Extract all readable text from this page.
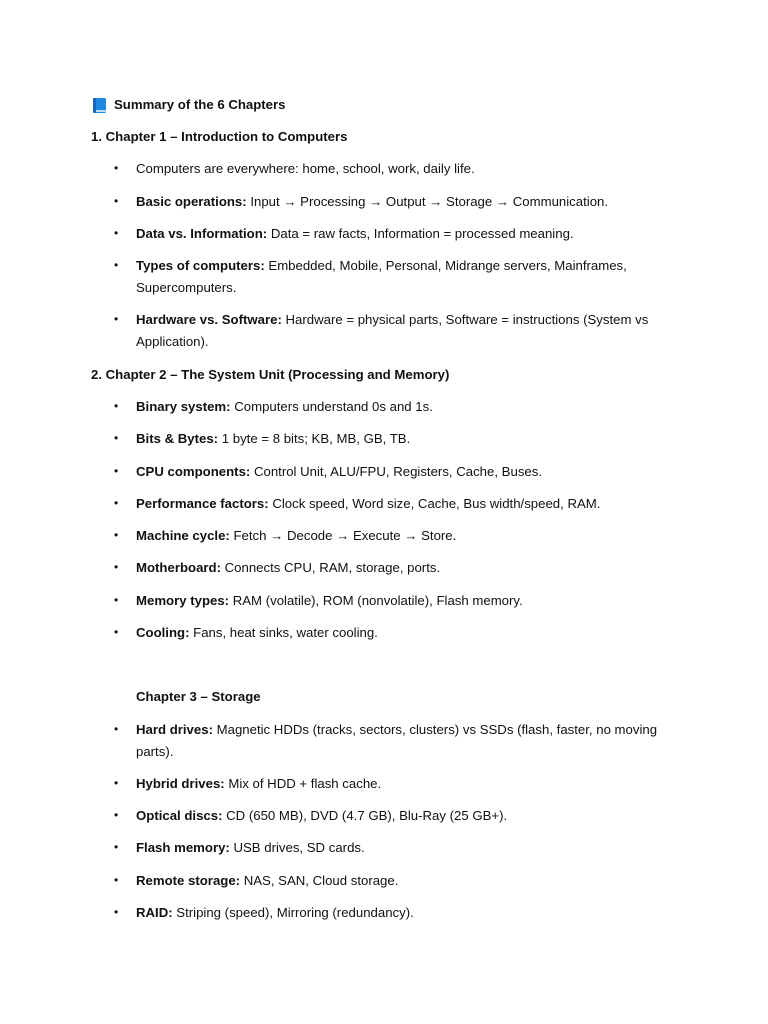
Summary of the 6 Chapters
1. Chapter 1 – Introduction to Computers
•	Computers are everywhere: home, school, work, daily life.
•	Basic operations: Input → Processing → Output → Storage → Communication.
•	Data vs. Information: Data = raw facts, Information = processed meaning.
•	Types of computers: Embedded, Mobile, Personal, Midrange servers, Mainframes, Supercomputers.
•	Hardware vs. Software: Hardware = physical parts, Software = instructions (System vs Application).
2. Chapter 2 – The System Unit (Processing and Memory)
•	Binary system: Computers understand 0s and 1s.
•	Bits & Bytes: 1 byte = 8 bits; KB, MB, GB, TB.
•	CPU components: Control Unit, ALU/FPU, Registers, Cache, Buses.
•	Performance factors: Clock speed, Word size, Cache, Bus width/speed, RAM.
•	Machine cycle: Fetch → Decode → Execute → Store.
•	Motherboard: Connects CPU, RAM, storage, ports.
•	Memory types: RAM (volatile), ROM (nonvolatile), Flash memory.
•	Cooling: Fans, heat sinks, water cooling.
Chapter 3 – Storage
•	Hard drives: Magnetic HDDs (tracks, sectors, clusters) vs SSDs (flash, faster, no moving parts).
•	Hybrid drives: Mix of HDD + flash cache.
•	Optical discs: CD (650 MB), DVD (4.7 GB), Blu-Ray (25 GB+).
•	Flash memory: USB drives, SD cards.
•	Remote storage: NAS, SAN, Cloud storage.
•	RAID: Striping (speed), Mirroring (redundancy).
